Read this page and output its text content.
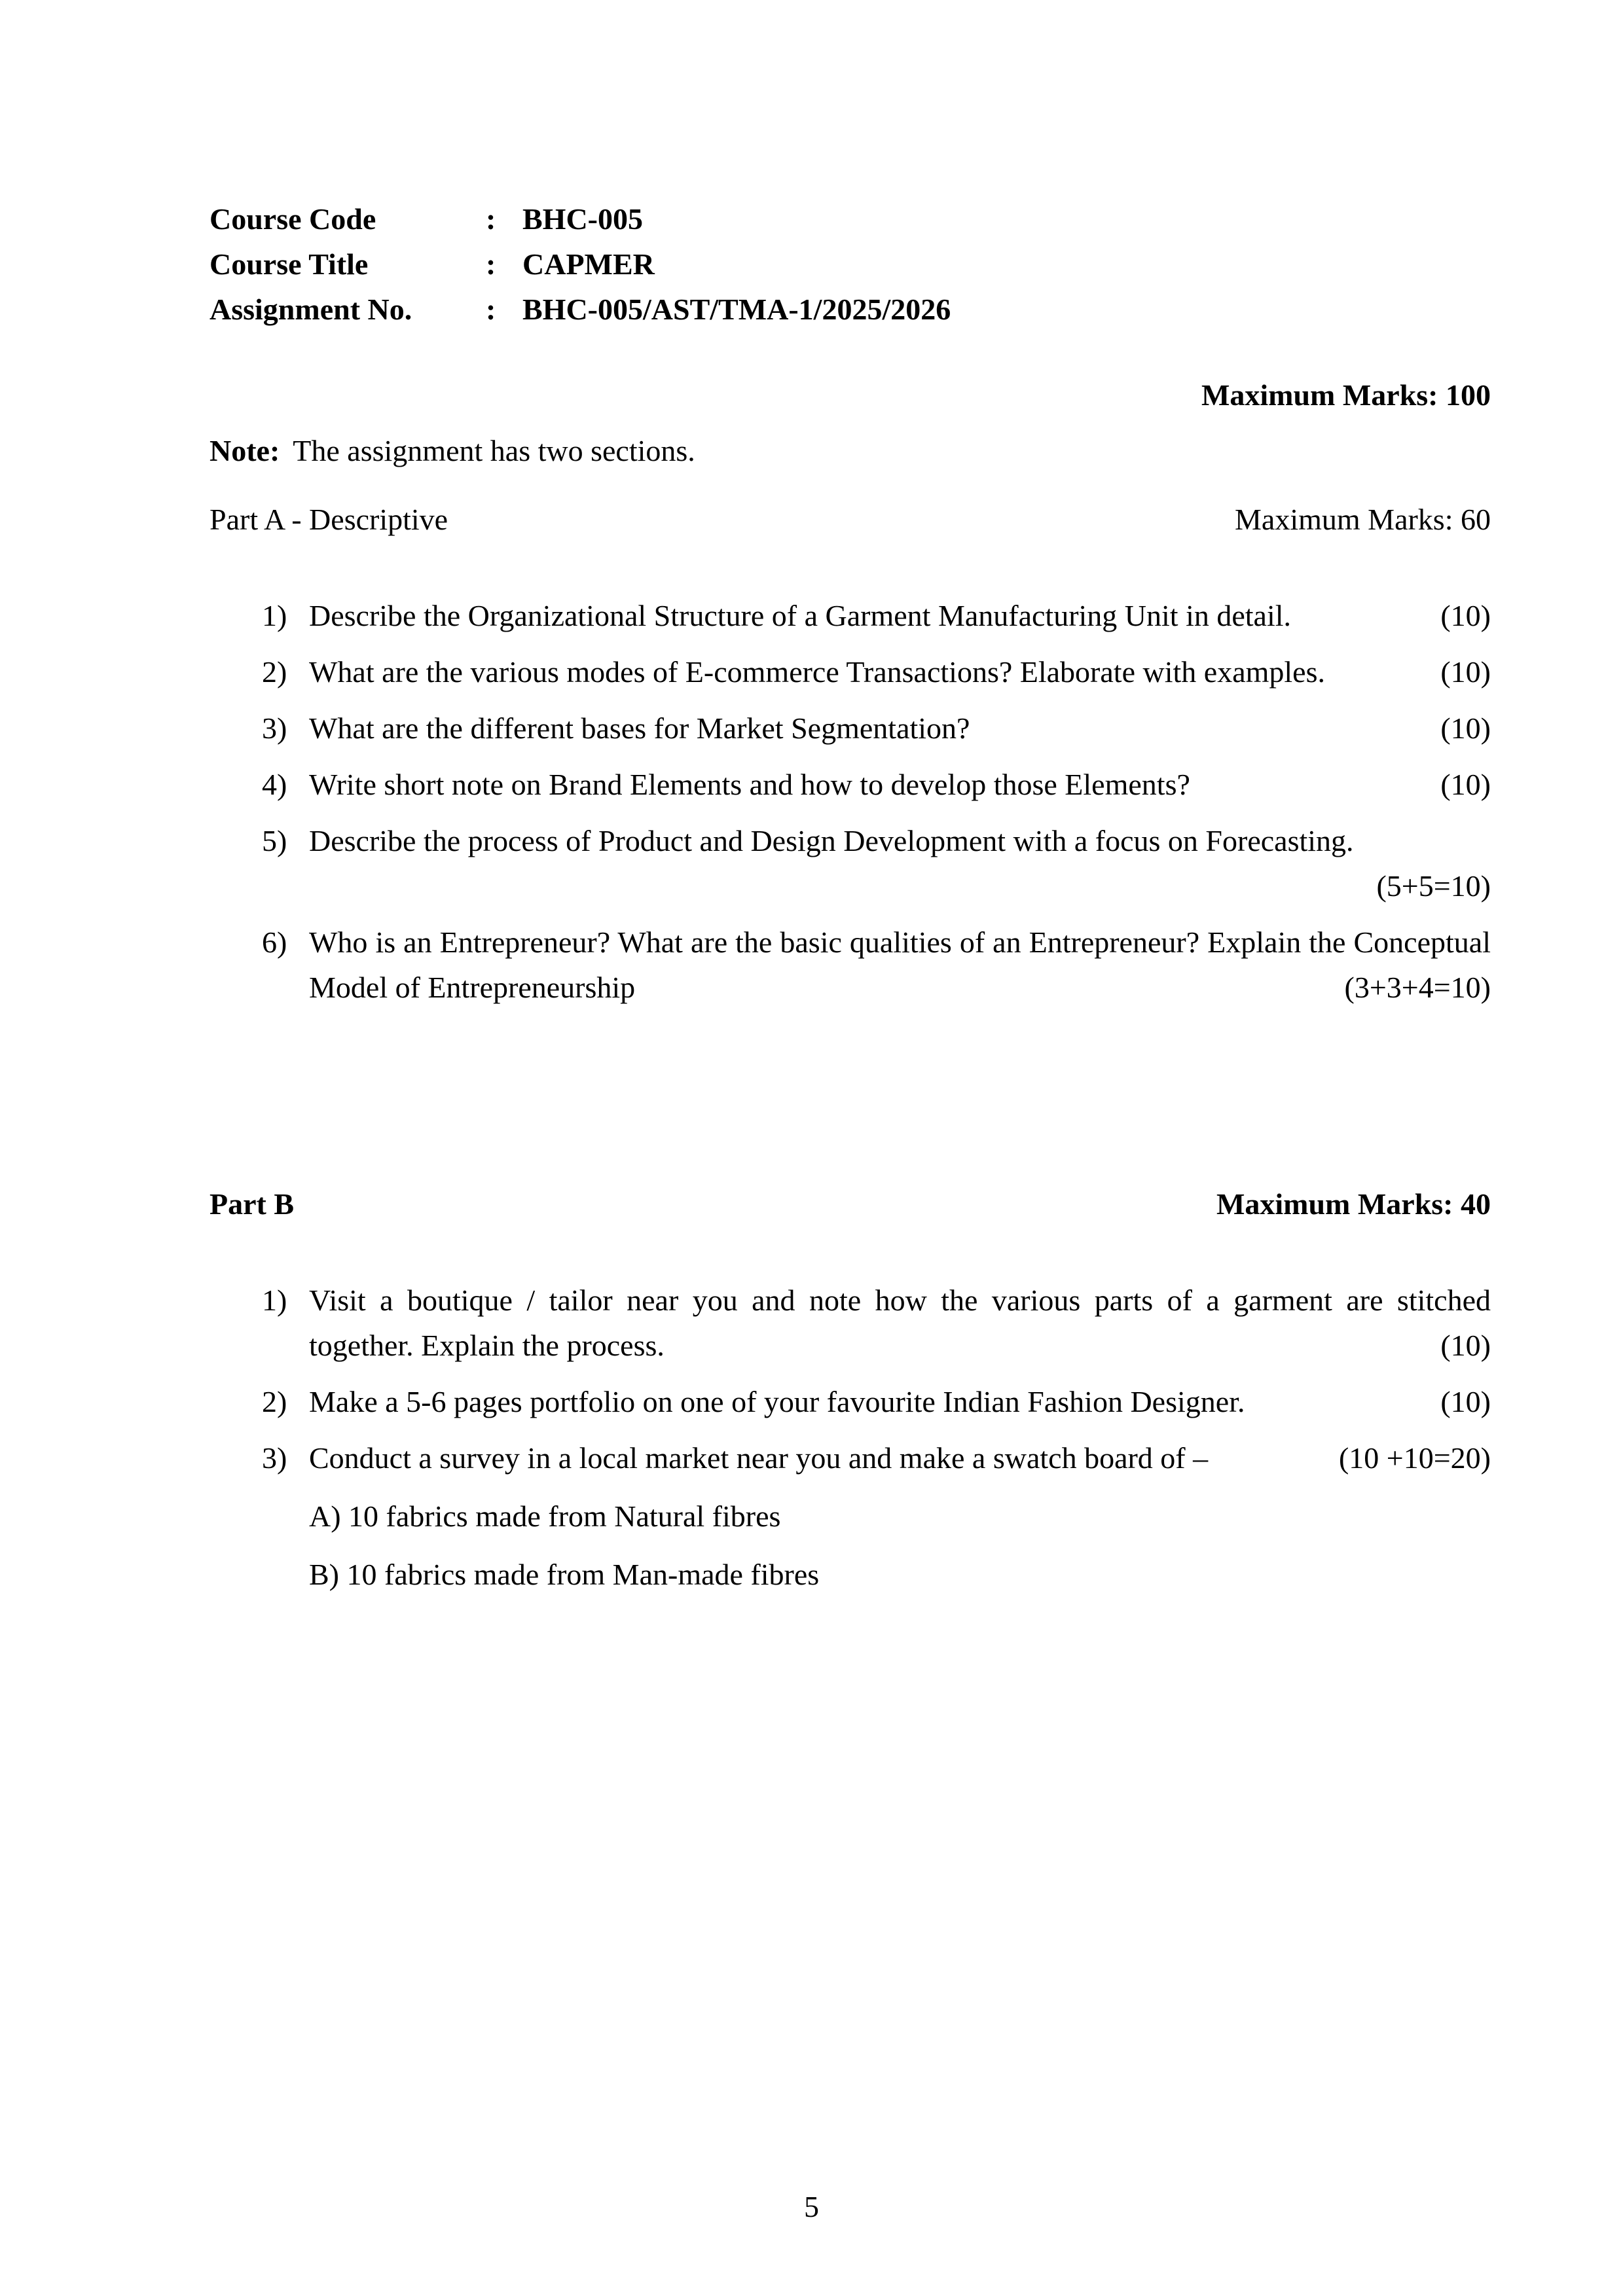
Course Code	: BHC-005
Course Title	: CAPMER
Assignment No.	: BHC-005/AST/TMA-1/2025/2026
Maximum Marks: 100
Note: The assignment has two sections.
Part A - Descriptive	Maximum Marks: 60
1) Describe the Organizational Structure of a Garment Manufacturing Unit in detail.	(10)
2) What are the various modes of E-commerce Transactions? Elaborate with examples.	(10)
3) What are the different bases for Market Segmentation?	(10)
4) Write short note on Brand Elements and how to develop those Elements?	(10)
5) Describe the process of Product and Design Development with a focus on Forecasting.

(5+5=10)
6) Who is an Entrepreneur? What are the basic qualities of an Entrepreneur? Explain the Conceptual Model of Entrepreneurship	(3+3+4=10)
Part B	Maximum Marks: 40
1) Visit a boutique / tailor near you and note how the various parts of a garment are stitched together. Explain the process.	(10)
2) Make a 5-6 pages portfolio on one of your favourite Indian Fashion Designer.	(10)
3) Conduct a survey in a local market near you and make a swatch board of –	(10 +10=20)

A) 10 fabrics made from Natural fibres

B) 10 fabrics made from Man-made fibres

5
